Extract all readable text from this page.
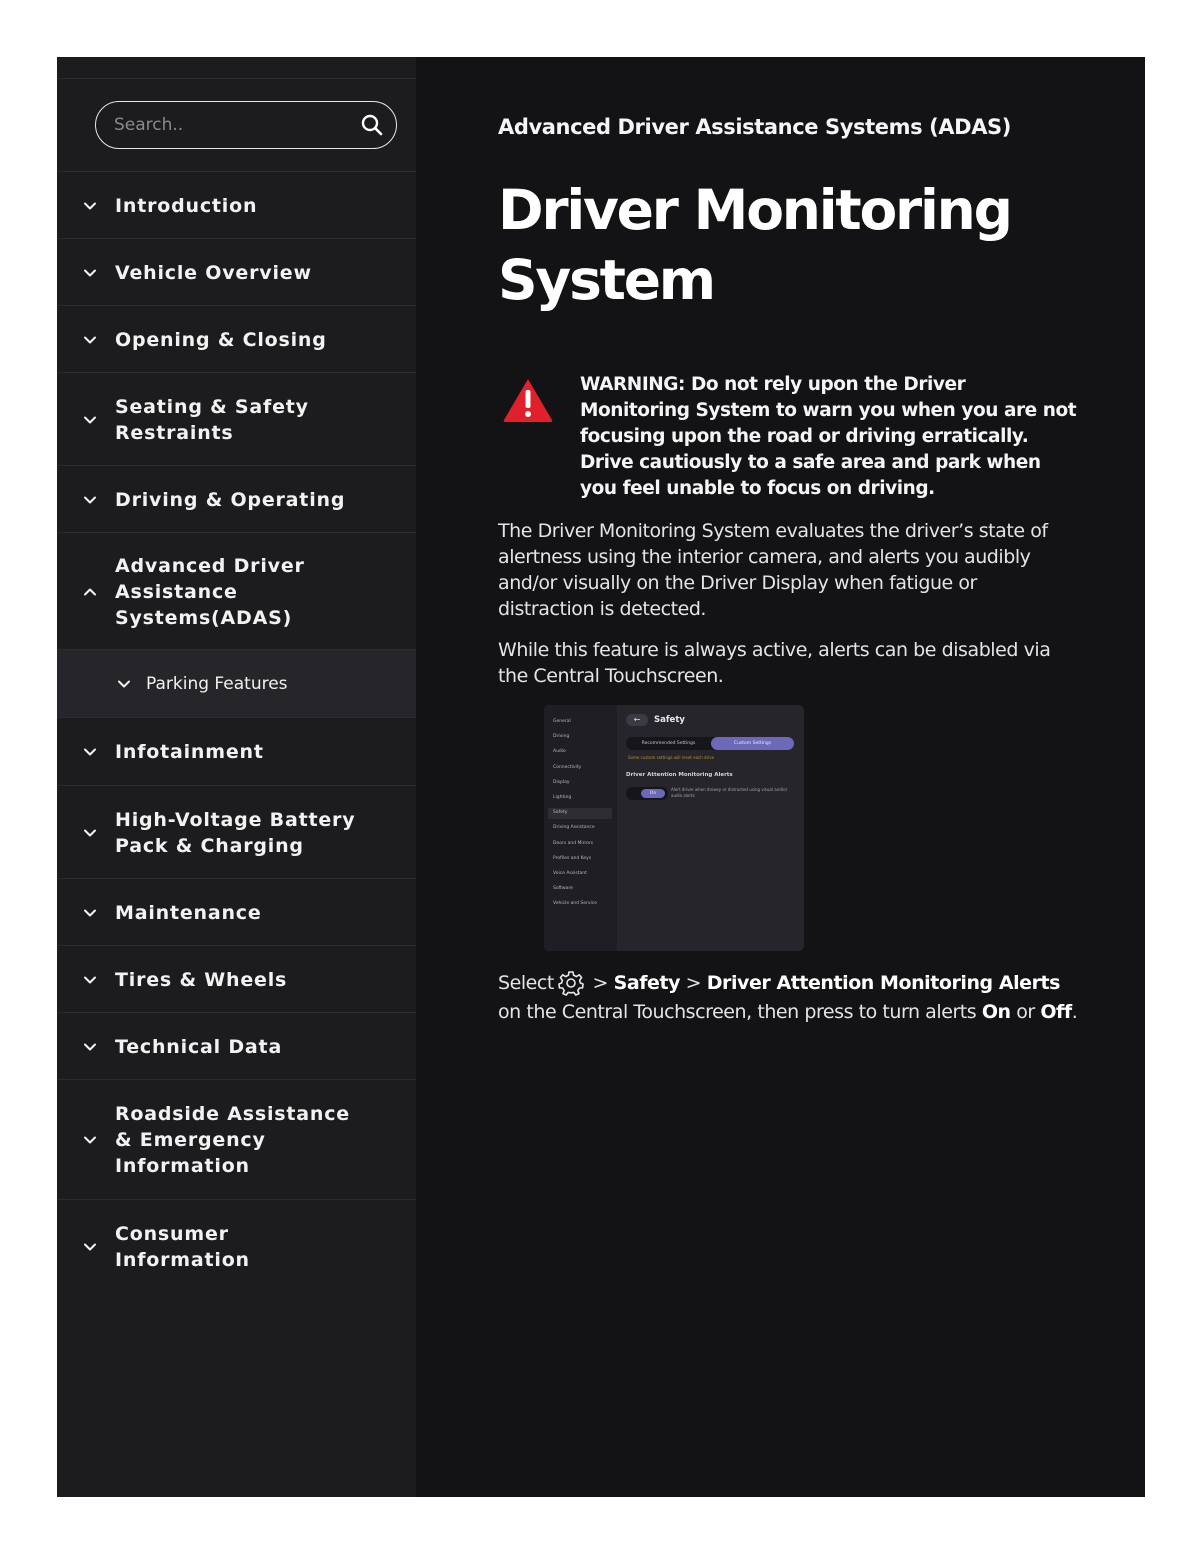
Search..
Introduction
Vehicle Overview
Opening & Closing
Seating & Safety Restraints
Driving & Operating
Advanced Driver Assistance Systems(ADAS)
Parking Features
Infotainment
High-Voltage Battery Pack & Charging
Maintenance
Tires & Wheels
Technical Data
Roadside Assistance & Emergency Information
Consumer Information
Advanced Driver Assistance Systems (ADAS)
Driver Monitoring System
WARNING: Do not rely upon the Driver Monitoring System to warn you when you are not focusing upon the road or driving erratically. Drive cautiously to a safe area and park when you feel unable to focus on driving.
The Driver Monitoring System evaluates the driver’s state of alertness using the interior camera, and alerts you audibly and/or visually on the Driver Display when fatigue or distraction is detected.
While this feature is always active, alerts can be disabled via the Central Touchscreen.
General
Driving
Audio
Connectivity
Display
Lighting
Safety
Driving Assistance
Doors and Mirrors
Profiles and Keys
Voice Assistant
Software
Vehicle and Service
←	Safety
Recommended Settings	Custom Settings
Some custom settings will reset each drive
Driver Attention Monitoring Alerts
On
Alert driver when drowsy or distracted using visual and/or audio alerts
Select > Safety > Driver Attention Monitoring Alerts on the Central Touchscreen, then press to turn alerts On or Off.
